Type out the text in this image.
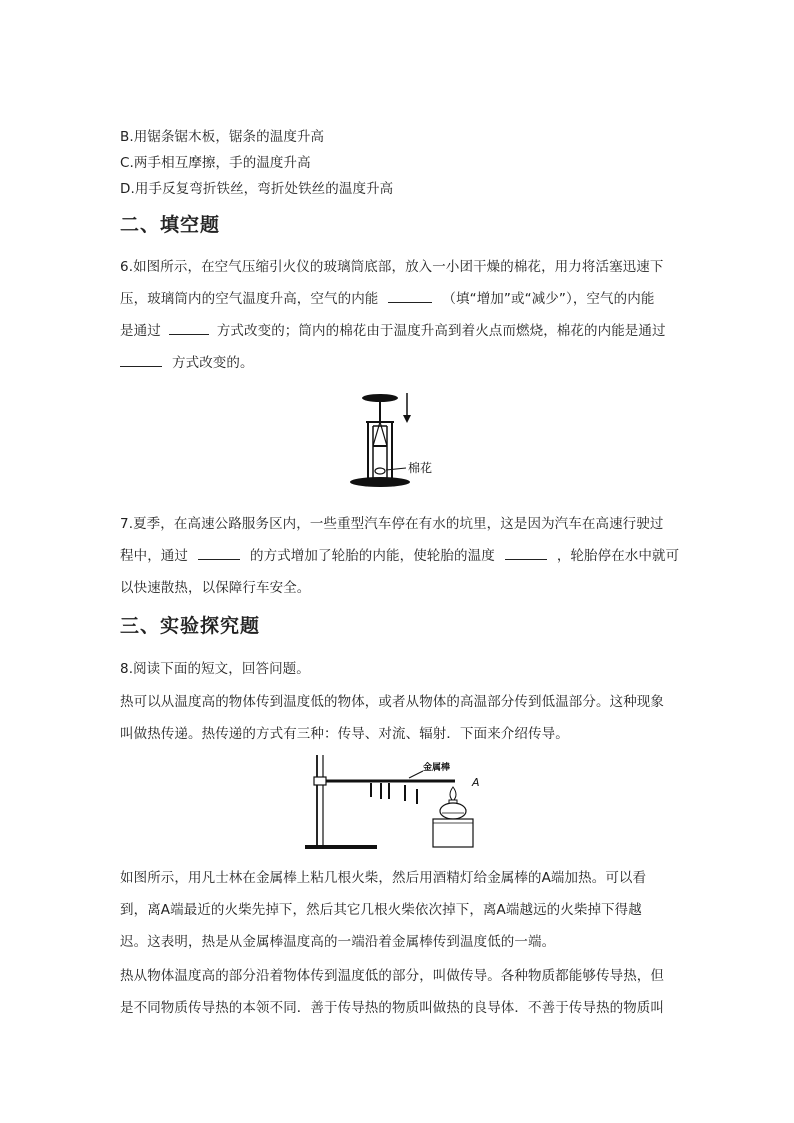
B.用锯条锯木板，锯条的温度升高
C.两手相互摩擦，手的温度升高
D.用手反复弯折铁丝，弯折处铁丝的温度升高
二、填空题
6.如图所示，在空气压缩引火仪的玻璃筒底部，放入一小团干燥的棉花，用力将活塞迅速下
压，玻璃筒内的空气温度升高，空气的内能	（填“增加”或“减少”），空气的内能
是通过	方式改变的；筒内的棉花由于温度升高到着火点而燃烧，棉花的内能是通过
方式改变的。
棉花
7.夏季，在高速公路服务区内，一些重型汽车停在有水的坑里，这是因为汽车在高速行驶过
程中，通过	的方式增加了轮胎的内能，使轮胎的温度	，轮胎停在水中就可
以快速散热，以保障行车安全。
三、实验探究题
8.阅读下面的短文，回答问题。
热可以从温度高的物体传到温度低的物体，或者从物体的高温部分传到低温部分。这种现象
叫做热传递。热传递的方式有三种：传导、对流、辐射．下面来介绍传导。
金属棒
A
如图所示，用凡士林在金属棒上粘几根火柴，然后用酒精灯给金属棒的A端加热。可以看
到，离A端最近的火柴先掉下，然后其它几根火柴依次掉下，离A端越远的火柴掉下得越
迟。这表明，热是从金属棒温度高的一端沿着金属棒传到温度低的一端。
热从物体温度高的部分沿着物体传到温度低的部分，叫做传导。各种物质都能够传导热，但
是不同物质传导热的本领不同．善于传导热的物质叫做热的良导体．不善于传导热的物质叫
